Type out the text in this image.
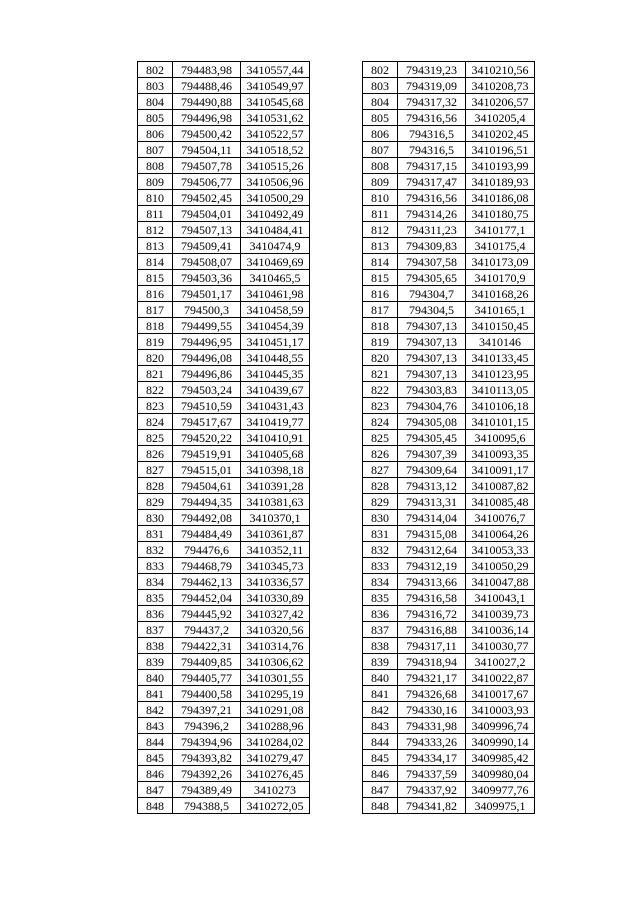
802	794483,98	3410557,44
803	794488,46	3410549,97
804	794490,88	3410545,68
805	794496,98	3410531,62
806	794500,42	3410522,57
807	794504,11	3410518,52
808	794507,78	3410515,26
809	794506,77	3410506,96
810	794502,45	3410500,29
811	794504,01	3410492,49
812	794507,13	3410484,41
813	794509,41	3410474,9
814	794508,07	3410469,69
815	794503,36	3410465,5
816	794501,17	3410461,98
817	794500,3	3410458,59
818	794499,55	3410454,39
819	794496,95	3410451,17
820	794496,08	3410448,55
821	794496,86	3410445,35
822	794503,24	3410439,67
823	794510,59	3410431,43
824	794517,67	3410419,77
825	794520,22	3410410,91
826	794519,91	3410405,68
827	794515,01	3410398,18
828	794504,61	3410391,28
829	794494,35	3410381,63
830	794492,08	3410370,1
831	794484,49	3410361,87
832	794476,6	3410352,11
833	794468,79	3410345,73
834	794462,13	3410336,57
835	794452,04	3410330,89
836	794445,92	3410327,42
837	794437,2	3410320,56
838	794422,31	3410314,76
839	794409,85	3410306,62
840	794405,77	3410301,55
841	794400,58	3410295,19
842	794397,21	3410291,08
843	794396,2	3410288,96
844	794394,96	3410284,02
845	794393,82	3410279,47
846	794392,26	3410276,45
847	794389,49	3410273
848	794388,5	3410272,05
802	794319,23	3410210,56
803	794319,09	3410208,73
804	794317,32	3410206,57
805	794316,56	3410205,4
806	794316,5	3410202,45
807	794316,5	3410196,51
808	794317,15	3410193,99
809	794317,47	3410189,93
810	794316,56	3410186,08
811	794314,26	3410180,75
812	794311,23	3410177,1
813	794309,83	3410175,4
814	794307,58	3410173,09
815	794305,65	3410170,9
816	794304,7	3410168,26
817	794304,5	3410165,1
818	794307,13	3410150,45
819	794307,13	3410146
820	794307,13	3410133,45
821	794307,13	3410123,95
822	794303,83	3410113,05
823	794304,76	3410106,18
824	794305,08	3410101,15
825	794305,45	3410095,6
826	794307,39	3410093,35
827	794309,64	3410091,17
828	794313,12	3410087,82
829	794313,31	3410085,48
830	794314,04	3410076,7
831	794315,08	3410064,26
832	794312,64	3410053,33
833	794312,19	3410050,29
834	794313,66	3410047,88
835	794316,58	3410043,1
836	794316,72	3410039,73
837	794316,88	3410036,14
838	794317,11	3410030,77
839	794318,94	3410027,2
840	794321,17	3410022,87
841	794326,68	3410017,67
842	794330,16	3410003,93
843	794331,98	3409996,74
844	794333,26	3409990,14
845	794334,17	3409985,42
846	794337,59	3409980,04
847	794337,92	3409977,76
848	794341,82	3409975,1
